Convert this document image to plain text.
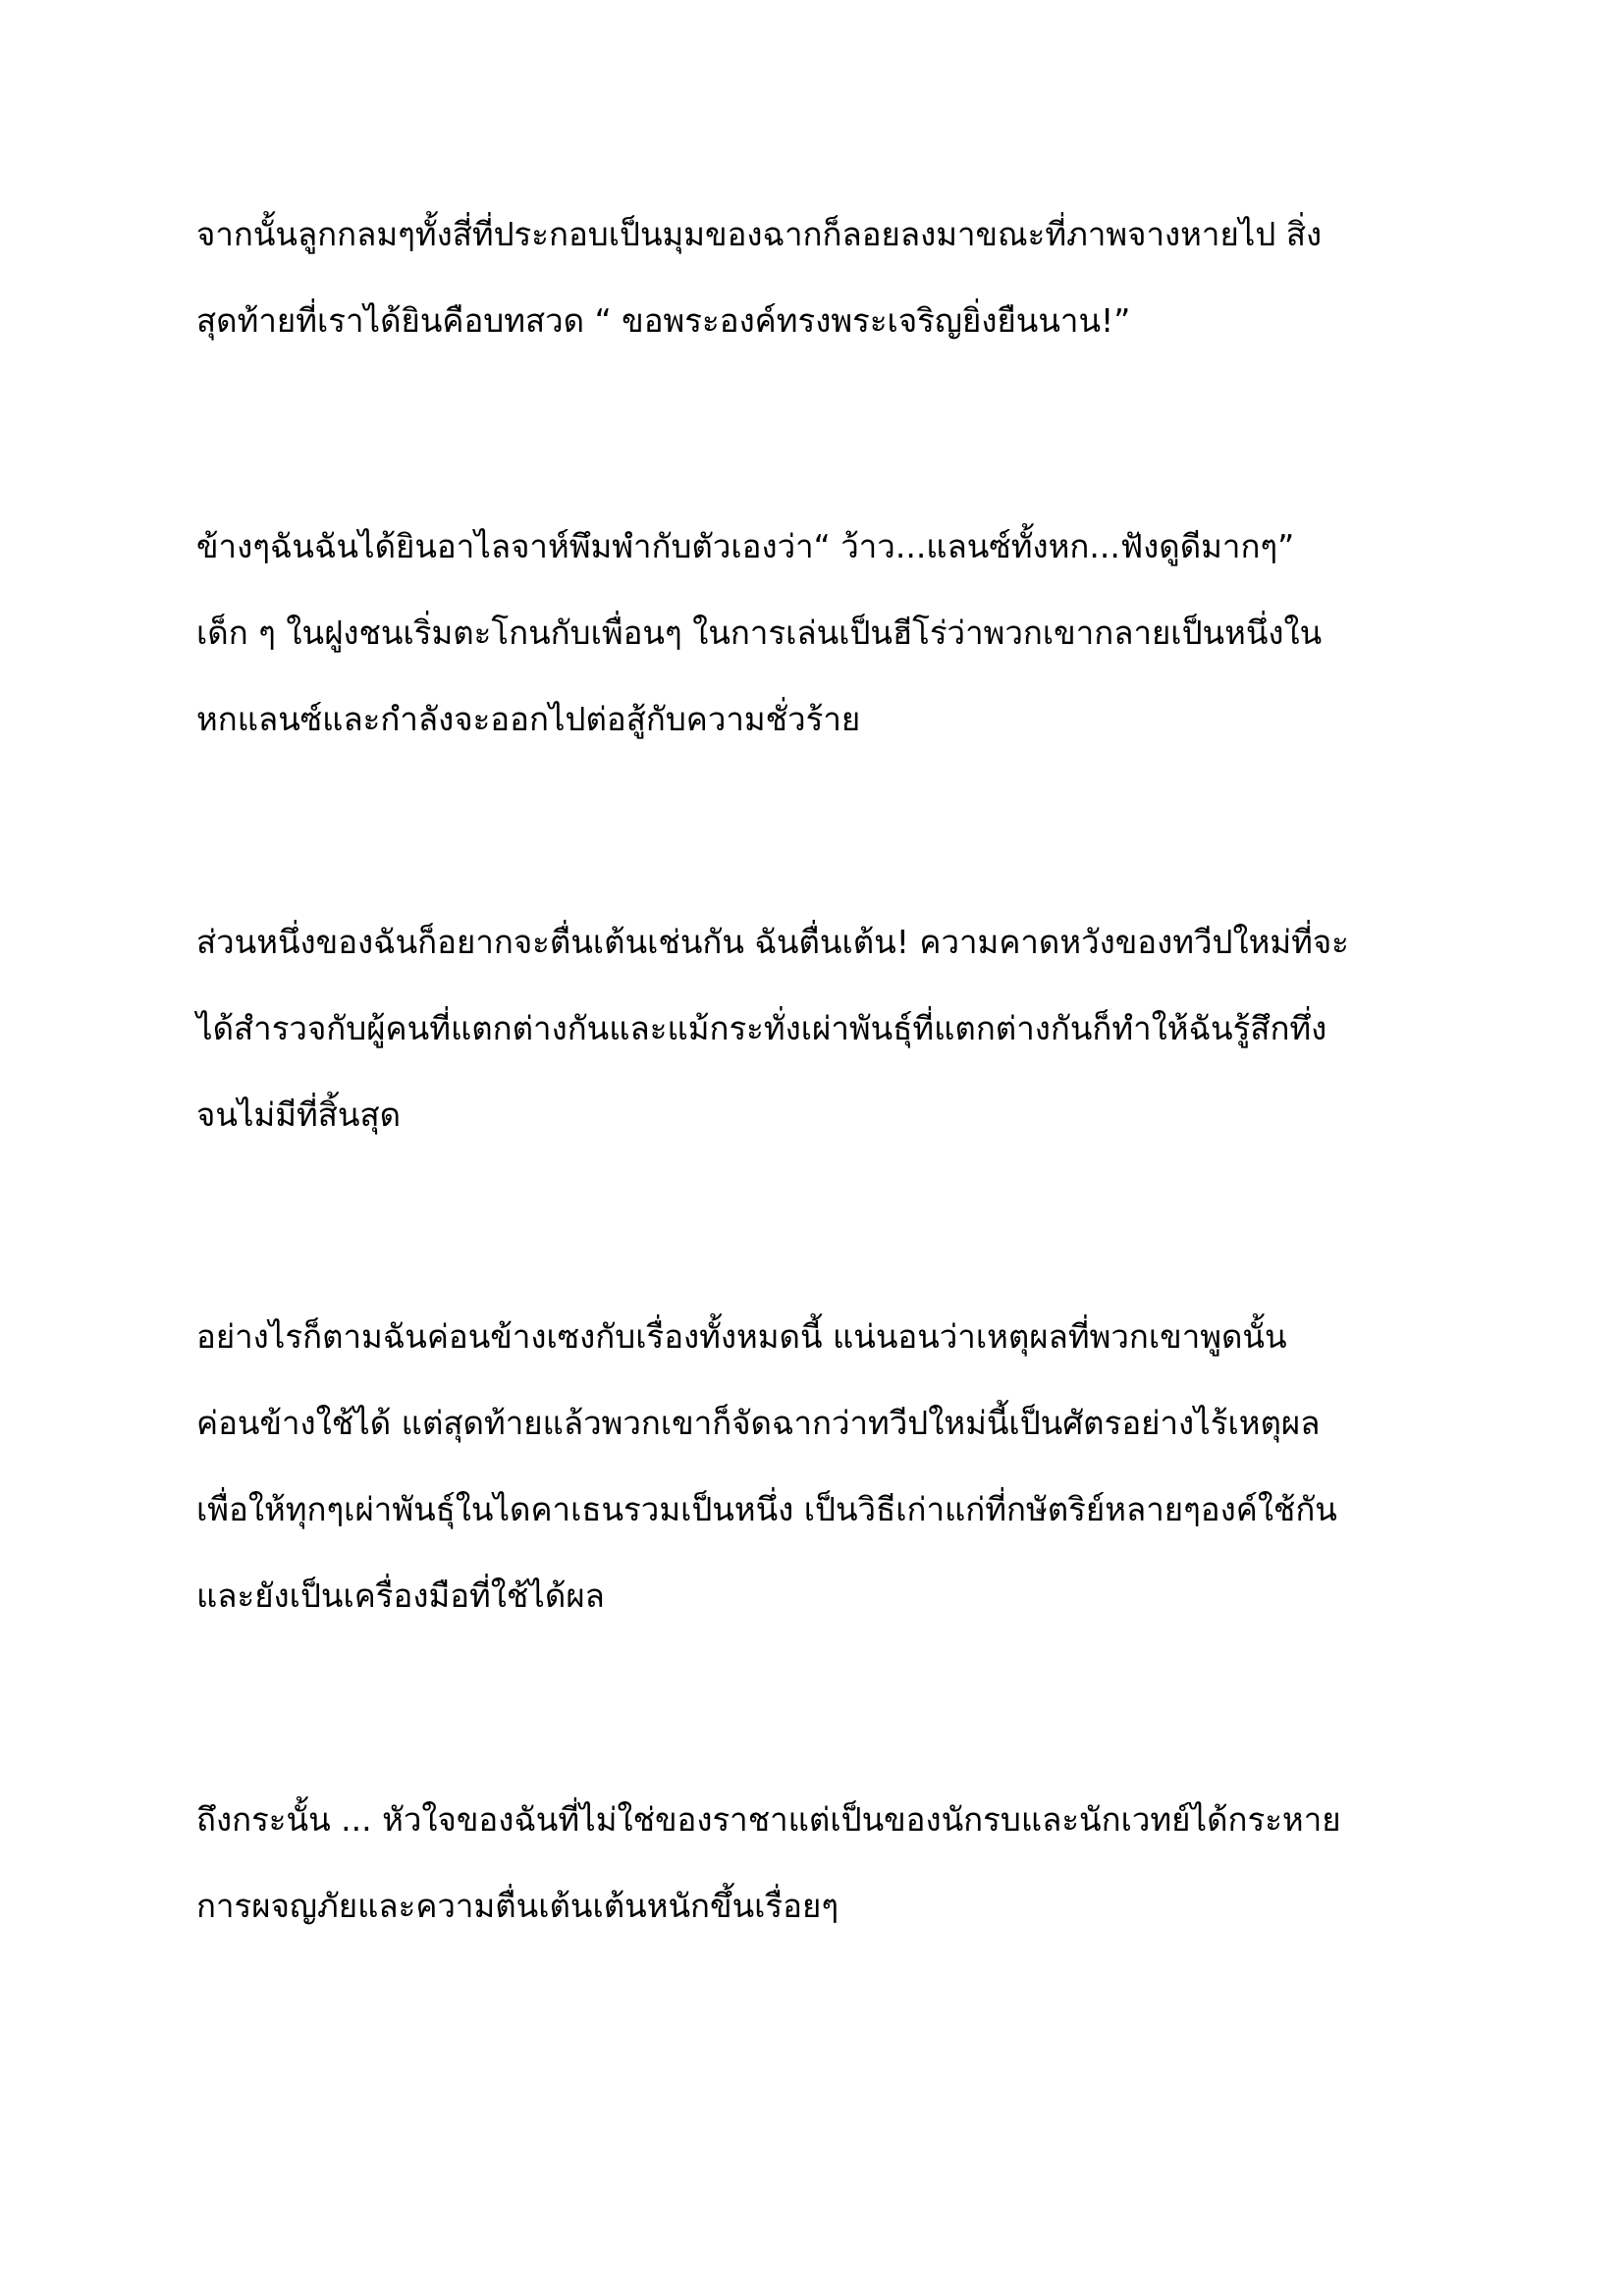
จากนั้นลูกกลมๆทั้งสี่ที่ประกอบเป็นมุมของฉากก็ลอยลงมาขณะที่ภาพจางหายไป สิ่ง
สุดท้ายที่เราได้ยินคือบทสวด “ ขอพระองค์ทรงพระเจริญยิ่งยืนนาน!”

ข้างๆฉันฉันได้ยินอาไลจาห์พึมพำกับตัวเองว่า“ ว้าว...แลนซ์ทั้งหก...ฟังดูดีมากๆ”
เด็ก ๆ ในฝูงชนเริ่มตะโกนกับเพื่อนๆ ในการเล่นเป็นฮีโร่ว่าพวกเขากลายเป็นหนึ่งใน
หกแลนซ์และกำลังจะออกไปต่อสู้กับความชั่วร้าย

ส่วนหนึ่งของฉันก็อยากจะตื่นเต้นเช่นกัน ฉันตื่นเต้น! ความคาดหวังของทวีปใหม่ที่จะ
ได้สำรวจกับผู้คนที่แตกต่างกันและแม้กระทั่งเผ่าพันธุ์ที่แตกต่างกันก็ทำให้ฉันรู้สึกทึ่ง
จนไม่มีที่สิ้นสุด

อย่างไรก็ตามฉันค่อนข้างเซงกับเรื่องทั้งหมดนี้ แน่นอนว่าเหตุผลที่พวกเขาพูดนั้น
ค่อนข้างใช้ได้ แต่สุดท้ายแล้วพวกเขาก็จัดฉากว่าทวีปใหม่นี้เป็นศัตรอย่างไร้เหตุผล
เพื่อให้ทุกๆเผ่าพันธุ์ในไดคาเธนรวมเป็นหนึ่ง เป็นวิธีเก่าแก่ที่กษัตริย์หลายๆองค์ใช้กัน
และยังเป็นเครื่องมือที่ใช้ได้ผล

ถึงกระนั้น ... หัวใจของฉันที่ไม่ใช่ของราชาแต่เป็นของนักรบและนักเวทย์ได้กระหาย
การผจญภัยและความตื่นเต้นเต้นหนักขึ้นเรื่อยๆ
